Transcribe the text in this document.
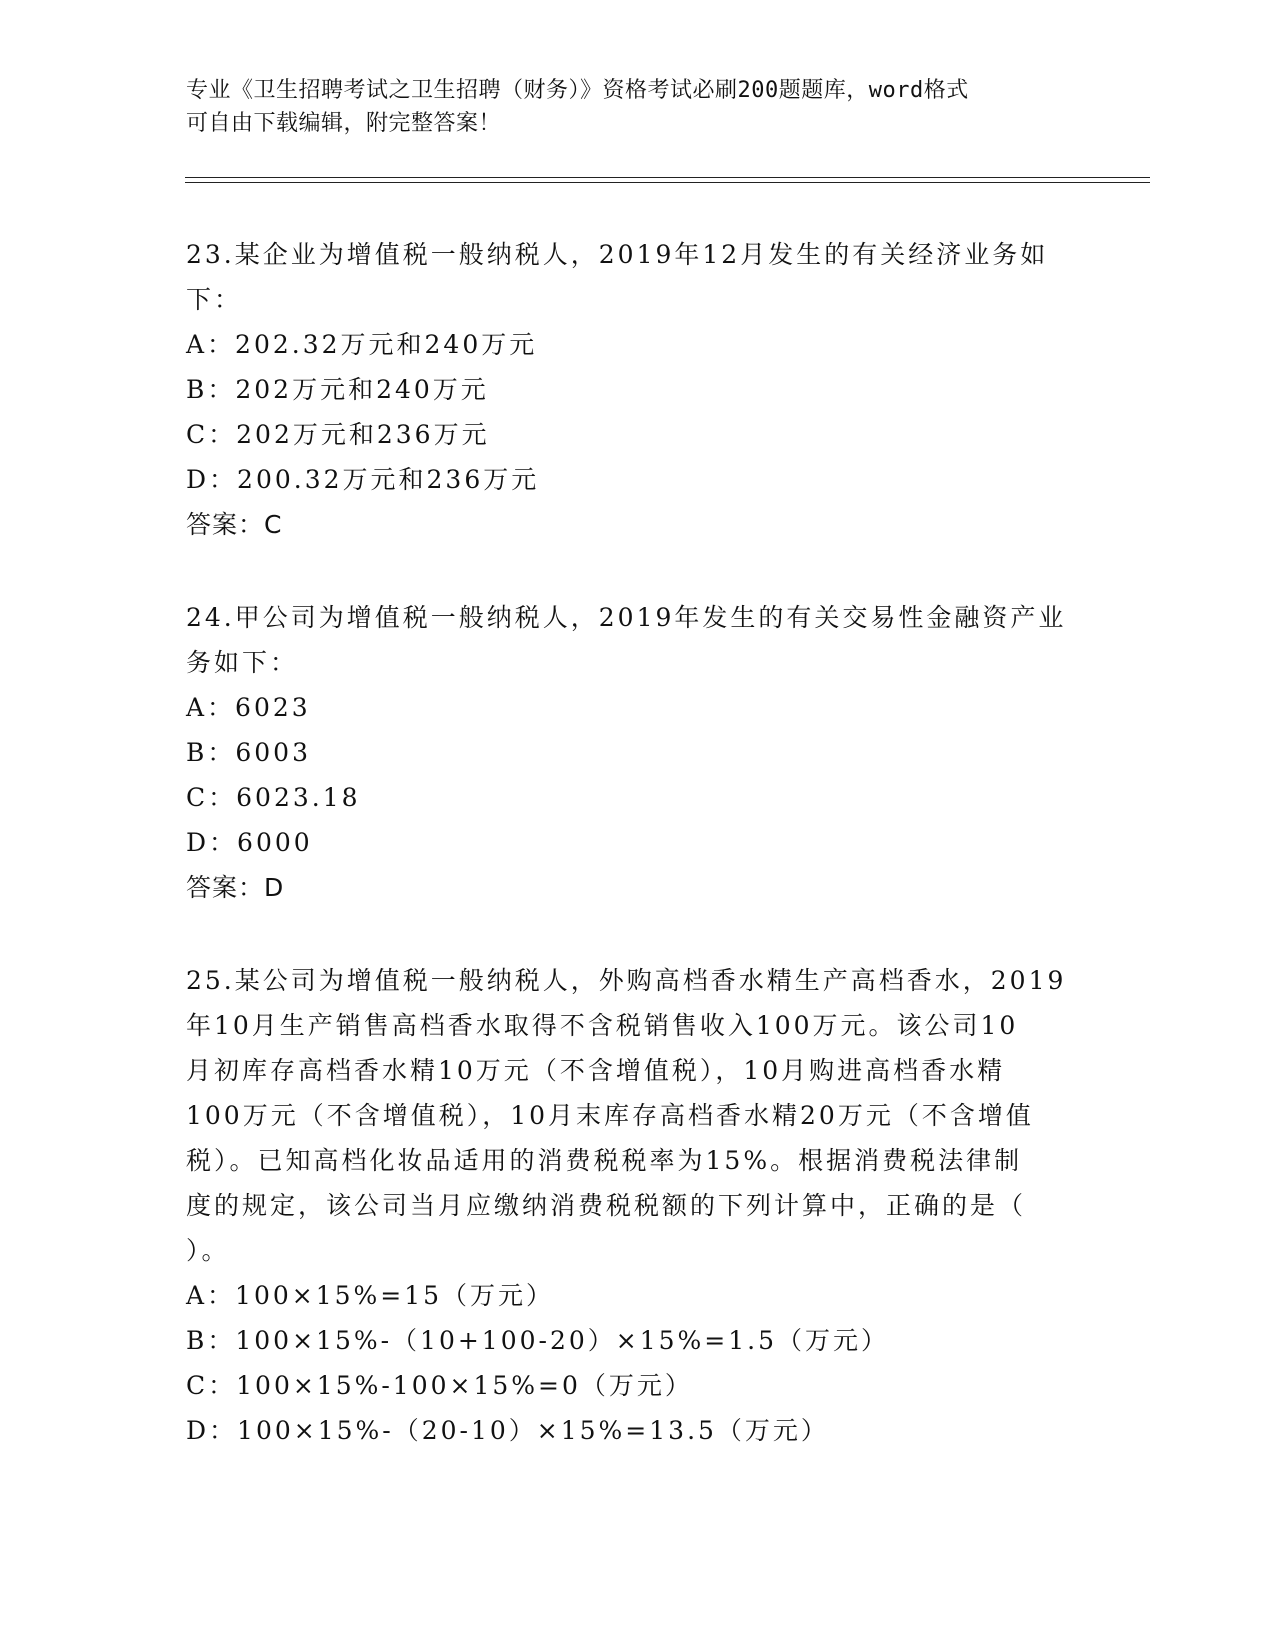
专业《卫生招聘考试之卫生招聘（财务）》资格考试必刷200题题库，word格式
可自由下载编辑，附完整答案！
23.某企业为增值税一般纳税人，2019年12月发生的有关经济业务如
下：
A：202.32万元和240万元
B：202万元和240万元
C：202万元和236万元
D：200.32万元和236万元
答案：C
24.甲公司为增值税一般纳税人，2019年发生的有关交易性金融资产业
务如下：
A：6023
B：6003
C：6023.18
D：6000
答案：D
25.某公司为增值税一般纳税人，外购高档香水精生产高档香水，2019
年10月生产销售高档香水取得不含税销售收入100万元。该公司10
月初库存高档香水精10万元（不含增值税），10月购进高档香水精
100万元（不含增值税），10月末库存高档香水精20万元（不含增值
税）。已知高档化妆品适用的消费税税率为15%。根据消费税法律制
度的规定，该公司当月应缴纳消费税税额的下列计算中，正确的是（
）。
A：100×15%=15（万元）
B：100×15%-（10+100-20）×15%=1.5（万元）
C：100×15%-100×15%=0（万元）
D：100×15%-（20-10）×15%=13.5（万元）
